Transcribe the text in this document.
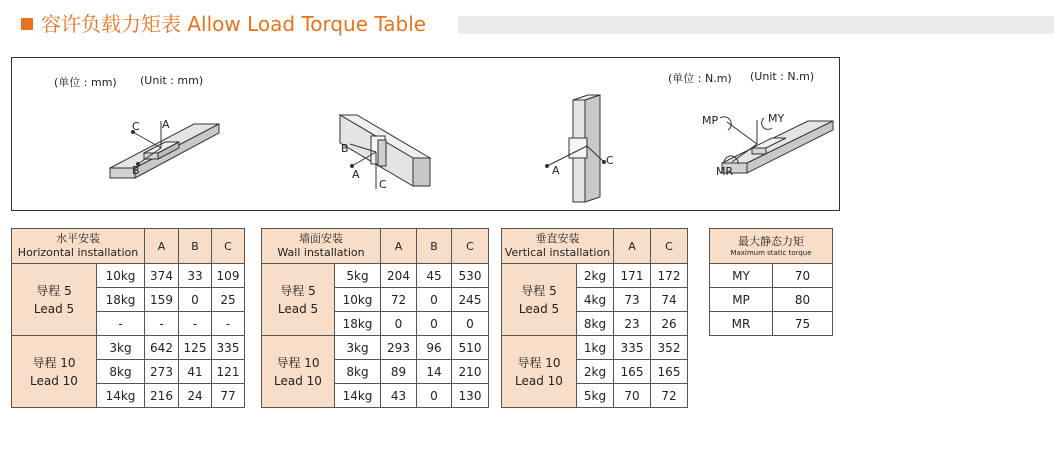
容许负载力矩表 Allow Load Torque Table
(单位 : mm) (Unit : mm)	(单位 : N.m) (Unit : N.m)
A
C
B
B
A
C
A
C
MP	MY
MR
水平安装
Horizontal installation		A	B	C
导程 5
Lead 5	10kg	374	33	109
	18kg	159	0	25
	-	-	-	-
导程 10
Lead 10	3kg	642	125	335
	8kg	273	41	121
	14kg	216	24	77
墙面安装
Wall installation		A	B	C
导程 5
Lead 5	5kg	204	45	530
	10kg	72	0	245
	18kg	0	0	0
导程 10
Lead 10	3kg	293	96	510
	8kg	89	14	210
	14kg	43	0	130
垂直安装
Vertical installation		A	C
导程 5
Lead 5	2kg	171	172
	4kg	73	74
	8kg	23	26
导程 10
Lead 10	1kg	335	352
	2kg	165	165
	5kg	70	72
最大静态力矩
Maximum static torque	

MY	70
MP	80
MR	75
